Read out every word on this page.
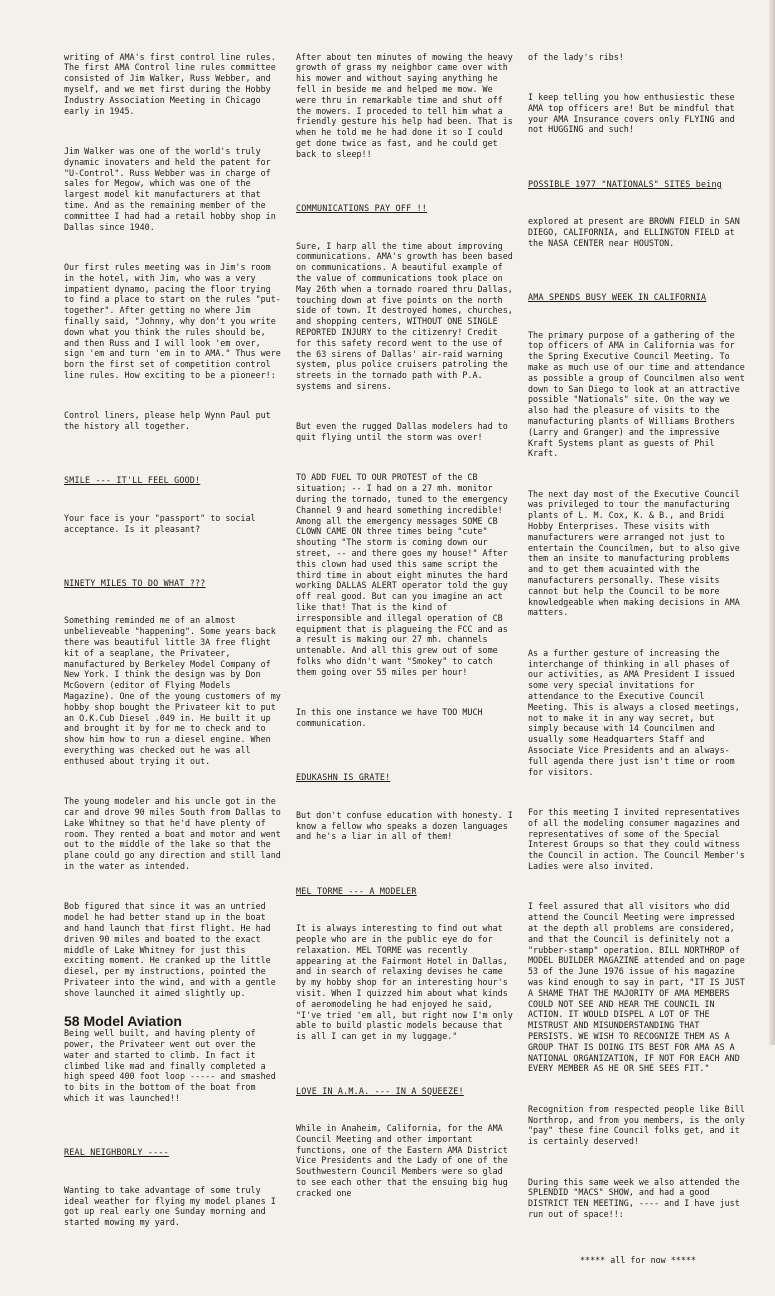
writing of AMA's first control line rules. The first AMA Control line rules committee consisted of Jim Walker, Russ Webber, and myself, and we met first during the Hobby Industry Association Meeting in Chicago early in 1945.

Jim Walker was one of the world's truly dynamic inovaters and held the patent for "U-Control". Russ Webber was in charge of sales for Megow, which was one of the largest model kit manufacturers at that time. And as the remaining member of the committee I had had a retail hobby shop in Dallas since 1940.

Our first rules meeting was in Jim's room in the hotel, with Jim, who was a very impatient dynamo, pacing the floor trying to find a place to start on the rules "put-together". After getting no where Jim finally said, "Johnny, why don't you write down what you think the rules should be, and then Russ and I will look 'em over, sign 'em and turn 'em in to AMA." Thus were born the first set of competition control line rules. How exciting to be a pioneer!:

Control liners, please help Wynn Paul put the history all together.

SMILE --- IT'LL FEEL GOOD!

Your face is your "passport" to social acceptance. Is it pleasant?

NINETY MILES TO DO WHAT ???

Something reminded me of an almost unbelieveable "happening". Some years back there was beautiful little 3A free flight kit of a seaplane, the Privateer, manufactured by Berkeley Model Company of New York. I think the design was by Don McGovern (editor of Flying Models Magazine). One of the young customers of my hobby shop bought the Privateer kit to put an O.K.Cub Diesel .049 in. He built it up and brought it by for me to check and to show him how to run a diesel engine. When everything was checked out he was all enthused about trying it out.

The young modeler and his uncle got in the car and drove 90 miles South from Dallas to Lake Whitney so that he'd have plenty of room. They rented a boat and motor and went out to the middle of the lake so that the plane could go any direction and still land in the water as intended.

Bob figured that since it was an untried model he had better stand up in the boat and hand launch that first flight. He had driven 90 miles and boated to the exact middle of Lake Whitney for just this exciting moment. He cranked up the little diesel, per my instructions, pointed the Privateer into the wind, and with a gentle shove launched it aimed slightly up.

Being well built, and having plenty of power, the Privateer went out over the water and started to climb. In fact it climbed like mad and finally completed a high speed 400 foot loop ----- and smashed to bits in the bottom of the boat from which it was launched!!

REAL NEIGHBORLY ----

Wanting to take advantage of some truly ideal weather for flying my model planes I got up real early one Sunday morning and started mowing my yard.

After about ten minutes of mowing the heavy growth of grass my neighbor came over with his mower and without saying anything he fell in beside me and helped me mow. We were thru in remarkable time and shut off the mowers. I proceded to tell him what a friendly gesture his help had been. That is when he told me he had done it so I could get done twice as fast, and he could get back to sleep!!

COMMUNICATIONS PAY OFF !!

Sure, I harp all the time about improving communications. AMA's growth has been based on communications. A beautiful example of the value of communications took place on May 26th when a tornado roared thru Dallas, touching down at five points on the north side of town. It destroyed homes, churches, and shopping centers, WITHOUT ONE SINGLE REPORTED INJURY to the citizenry! Credit for this safety record went to the use of the 63 sirens of Dallas' air-raid warning system, plus police cruisers patroling the streets in the tornado path with P.A. systems and sirens.

But even the rugged Dallas modelers had to quit flying until the storm was over!

TO ADD FUEL TO OUR PROTEST of the CB situation; -- I had on a 27 mh. monitor during the tornado, tuned to the emergency Channel 9 and heard something incredible! Among all the emergency messages SOME CB CLOWN CAME ON three times being "cute" shouting "The storm is coming down our street, -- and there goes my house!" After this clown had used this same script the third time in about eight minutes the hard working DALLAS ALERT operator told the guy off real good. But can you imagine an act like that! That is the kind of irresponsible and illegal operation of CB equipment that is plagueing the FCC and as a result is making our 27 mh. channels untenable. And all this grew out of some folks who didn't want "Smokey" to catch them going over 55 miles per hour!

In this one instance we have TOO MUCH communication.

EDUKASHN IS GRATE!

But don't confuse education with honesty. I know a fellow who speaks a dozen languages and he's a liar in all of them!

MEL TORME --- A MODELER

It is always interesting to find out what people who are in the public eye do for relaxation. MEL TORME was recently appearing at the Fairmont Hotel in Dallas, and in search of relaxing devises he came by my hobby shop for an interesting hour's visit. When I quizzed him about what kinds of aeromodeling he had enjoyed he said, "I've tried 'em all, but right now I'm only able to build plastic models because that is all I can get in my luggage."

LOVE IN A.M.A. --- IN A SQUEEZE!

While in Anaheim, California, for the AMA Council Meeting and other important functions, one of the Eastern AMA District Vice Presidents and the Lady of one of the Southwestern Council Members were so glad to see each other that the ensuing big hug cracked one

of the lady's ribs!

I keep telling you how enthusiestic these AMA top officers are! But be mindful that your AMA Insurance covers only FLYING and not HUGGING and such!

POSSIBLE 1977 "NATIONALS" SITES being

explored at present are BROWN FIELD in SAN DIEGO, CALIFORNIA, and ELLINGTON FIELD at the NASA CENTER near HOUSTON.

AMA SPENDS BUSY WEEK IN CALIFORNIA

The primary purpose of a gathering of the top officers of AMA in California was for the Spring Executive Council Meeting. To make as much use of our time and attendance as possible a group of Councilmen also went down to San Diego to look at an attractive possible "Nationals" site. On the way we also had the pleasure of visits to the manufacturing plants of Williams Brothers (Larry and Granger) and the impressive Kraft Systems plant as guests of Phil Kraft.

The next day most of the Executive Council was privileged to tour the manufacturing plants of L. M. Cox, K. & B., and Bridi Hobby Enterprises. These visits with manufacturers were arranged not just to entertain the Councilmen, but to also give them an insite to manufacturing problems and to get them acuainted with the manufacturers personally. These visits cannot but help the Council to be more knowledgeable when making decisions in AMA matters.

As a further gesture of increasing the interchange of thinking in all phases of our activities, as AMA President I issued some very special invitations for attendance to the Executive Council Meeting. This is always a closed meetings, not to make it in any way secret, but simply because with 14 Councilmen and usually some Headquarters Staff and Associate Vice Presidents and an always-full agenda there just isn't time or room for visitors.

For this meeting I invited representatives of all the modeling consumer magazines and representatives of some of the Special Interest Groups so that they could witness the Council in action. The Council Member's Ladies were also invited.

I feel assured that all visitors who did attend the Council Meeting were impressed at the depth all problems are considered, and that the Council is definitely not a "rubber-stamp" operation. BILL NORTHROP of MODEL BUILDER MAGAZINE attended and on page 53 of the June 1976 issue of his magazine was kind enough to say in part, "IT IS JUST A SHAME THAT THE MAJORITY OF AMA MEMBERS COULD NOT SEE AND HEAR THE COUNCIL IN ACTION. IT WOULD DISPEL A LOT OF THE MISTRUST AND MISUNDERSTANDING THAT PERSISTS. WE WISH TO RECOGNIZE THEM AS A GROUP THAT IS DOING ITS BEST FOR AMA AS A NATIONAL ORGANIZATION, IF NOT FOR EACH AND EVERY MEMBER AS HE OR SHE SEES FIT."

Recognition from respected people like Bill Northrop, and from you members, is the only "pay" these fine Council folks get, and it is certainly deserved!

During this same week we also attended the SPLENDID "MACS" SHOW, and had a good DISTRICT TEN MEETING, ---- and I have just run out of space!!:

***** all for now *****

58 Model Aviation
